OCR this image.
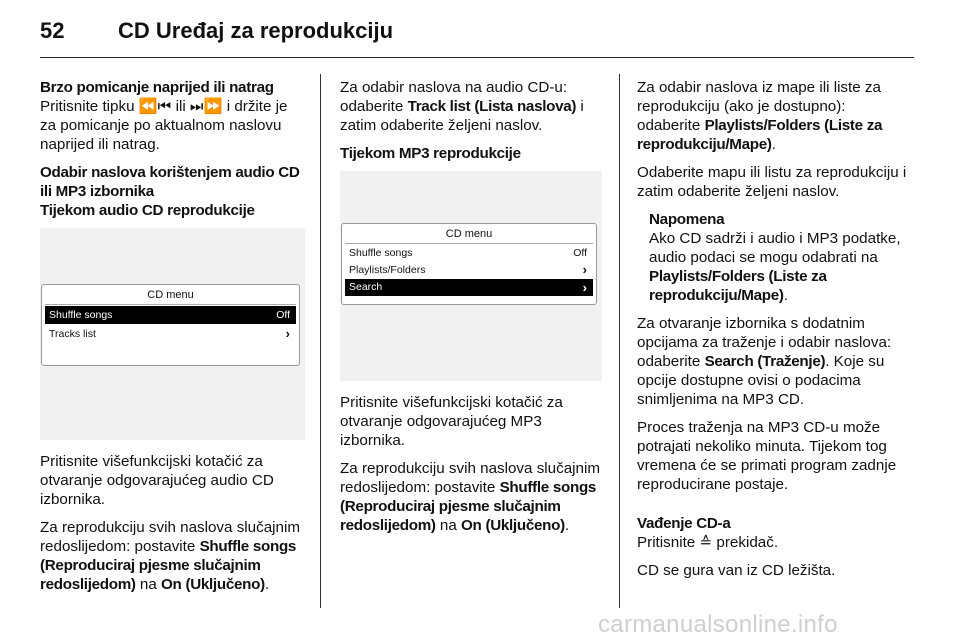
52 CD Uređaj za reprodukciju

Brzo pomicanje naprijed ili natrag

Pritisnite tipku ⏪⏮ ili ⏭⏩ i držite je za pomicanje po aktualnom naslovu naprijed ili natrag.

Odabir naslova korištenjem audio CD ili MP3 izbornika

Tijekom audio CD reprodukcije

CD menu
Shuffle songs	Off
Tracks list	›

Pritisnite višefunkcijski kotačić za otvaranje odgovarajućeg audio CD izbornika.

Za reprodukciju svih naslova slučajnim redoslijedom: postavite Shuffle songs (Reproduciraj pjesme slučajnim redoslijedom) na On (Uključeno).

Za odabir naslova na audio CD-u: odaberite Track list (Lista naslova) i zatim odaberite željeni naslov.

Tijekom MP3 reprodukcije

CD menu
Shuffle songs	Off
Playlists/Folders	›
Search	›

Pritisnite višefunkcijski kotačić za otvaranje odgovarajućeg MP3 izbornika.

Za reprodukciju svih naslova slučajnim redoslijedom: postavite Shuffle songs (Reproduciraj pjesme slučajnim redoslijedom) na On (Uključeno).

Za odabir naslova iz mape ili liste za reprodukciju (ako je dostupno): odaberite Playlists/Folders (Liste za reprodukciju/Mape).

Odaberite mapu ili listu za reprodukciju i zatim odaberite željeni naslov.

Napomena
Ako CD sadrži i audio i MP3 podatke, audio podaci se mogu odabrati na Playlists/Folders (Liste za reprodukciju/Mape).

Za otvaranje izbornika s dodatnim opcijama za traženje i odabir naslova: odaberite Search (Traženje). Koje su opcije dostupne ovisi o podacima snimljenima na MP3 CD.

Proces traženja na MP3 CD-u može potrajati nekoliko minuta. Tijekom tog vremena će se primati program zadnje reproducirane postaje.

Vađenje CD-a

Pritisnite ≙ prekidač.

CD se gura van iz CD ležišta.

carmanualsonline.info
